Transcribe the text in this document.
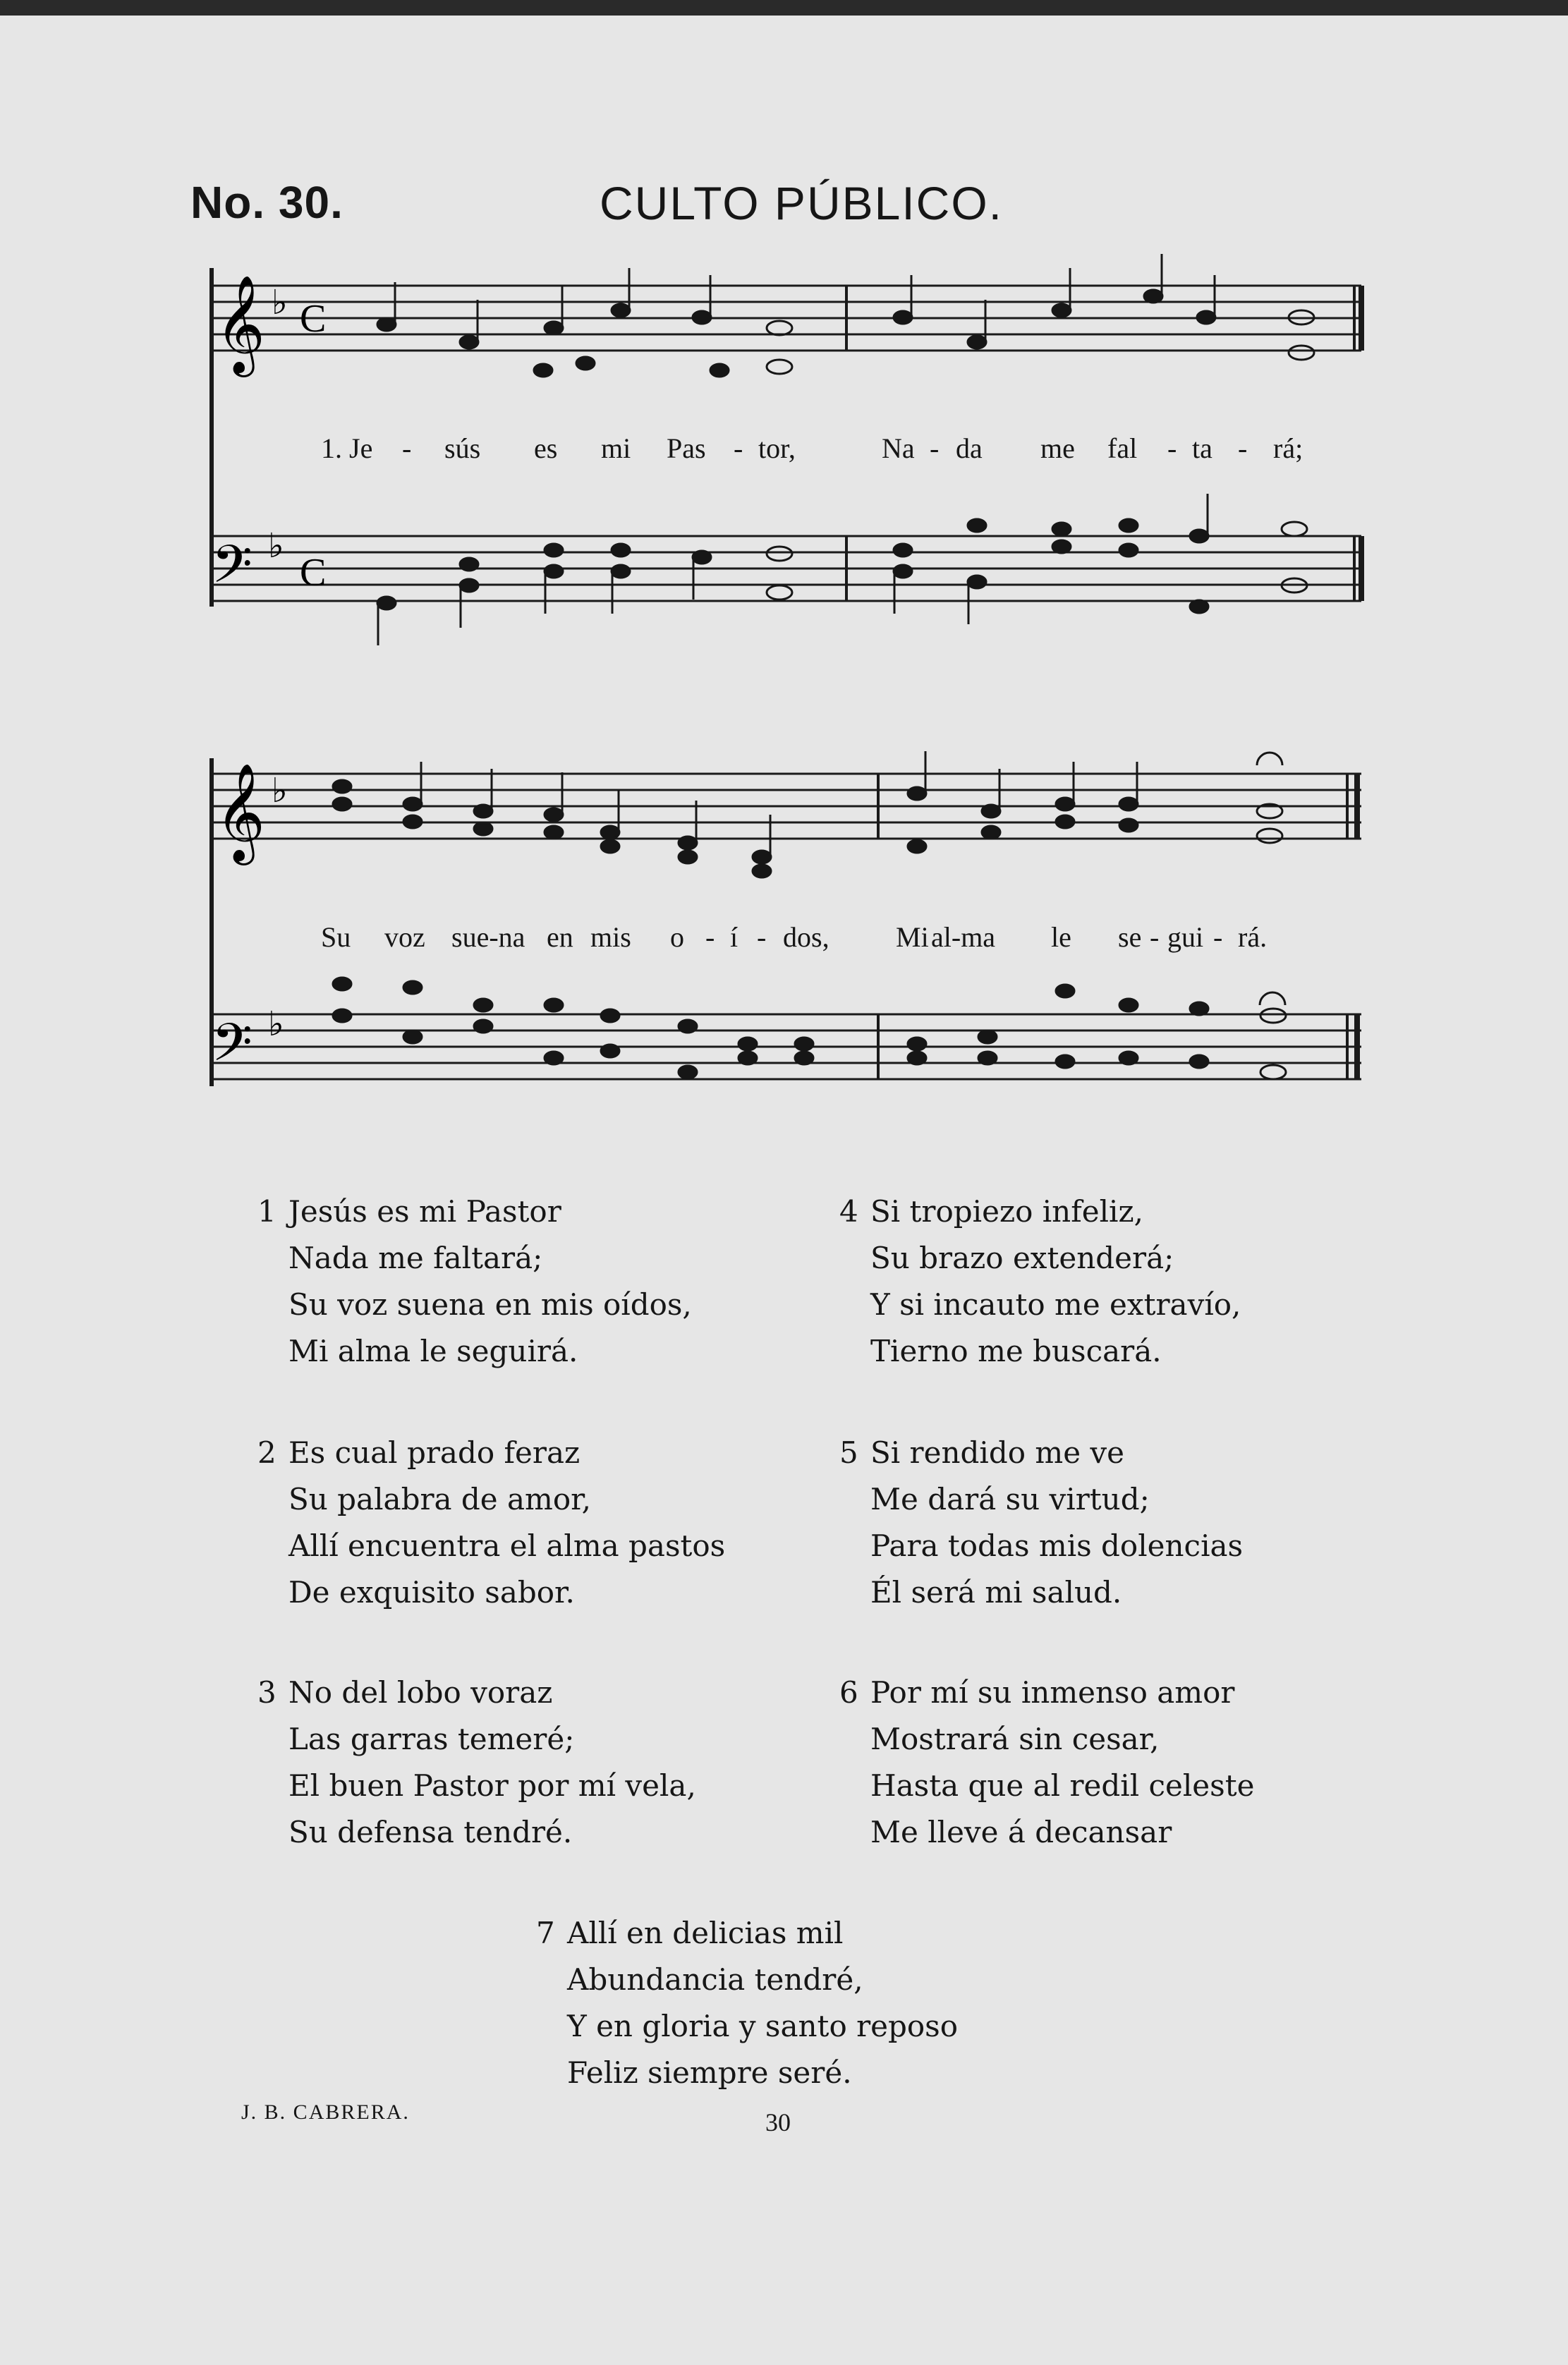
No. 30.	CULTO PÚBLICO.
𝄞
𝄢
♭
♭
C
C
𝄞
𝄢
♭
♭
1. Je - sús es mi Pas - tor,	Na - da me fal - ta - rá;
Su voz sue-na en mis o - í - dos, Mi al-ma le se - gui - rá.
1 Jesús es mi Pastor
Nada me faltará;
Su voz suena en mis oídos,
Mi alma le seguirá.
2 Es cual prado feraz
Su palabra de amor,
Allí encuentra el alma pastos
De exquisito sabor.
3 No del lobo voraz
Las garras temeré;
El buen Pastor por mí vela,
Su defensa tendré.
4 Si tropiezo infeliz,
Su brazo extenderá;
Y si incauto me extravío,
Tierno me buscará.
5 Si rendido me ve
Me dará su virtud;
Para todas mis dolencias
Él será mi salud.
6 Por mí su inmenso amor
Mostrará sin cesar,
Hasta que al redil celeste
Me lleve á decansar
7 Allí en delicias mil
Abundancia tendré,
Y en gloria y santo reposo
Feliz siempre seré.
J. B. CABRERA.	30
